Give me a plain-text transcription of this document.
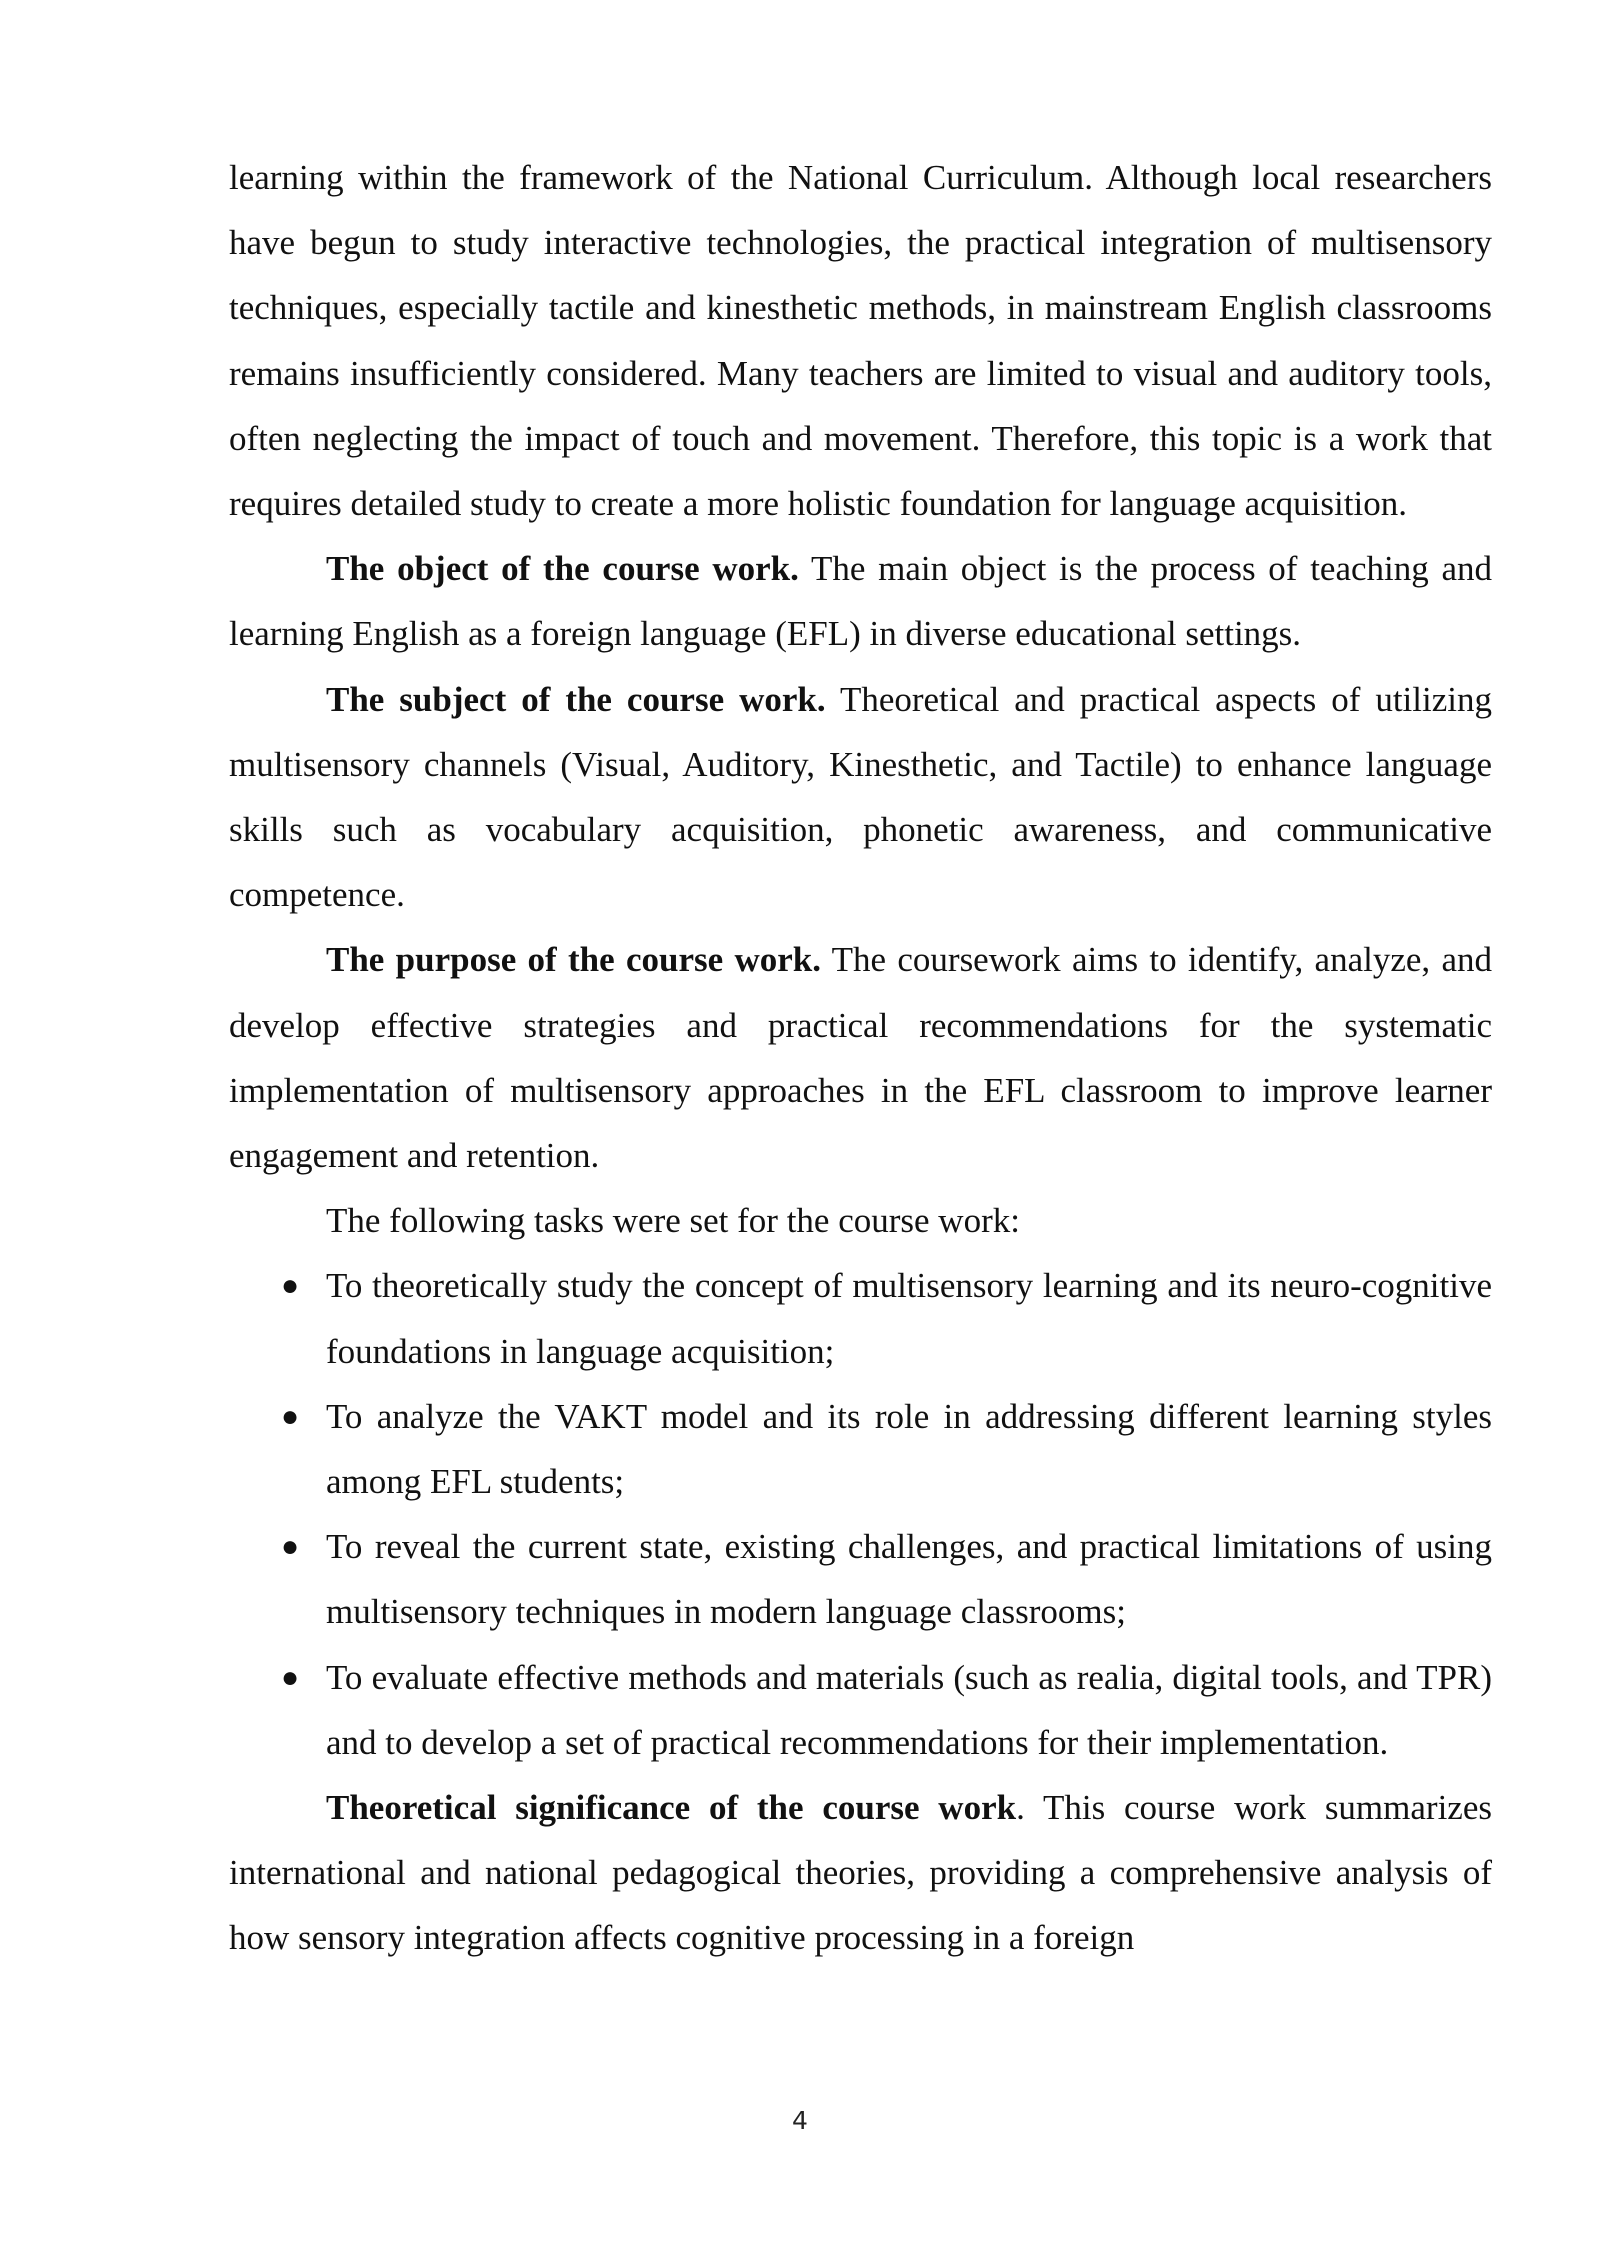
learning within the framework of the National Curriculum. Although local researchers have begun to study interactive technologies, the practical integration of multisensory techniques, especially tactile and kinesthetic methods, in mainstream English classrooms remains insufficiently considered. Many teachers are limited to visual and auditory tools, often neglecting the impact of touch and movement. Therefore, this topic is a work that requires detailed study to create a more holistic foundation for language acquisition.

The object of the course work. The main object is the process of teaching and learning English as a foreign language (EFL) in diverse educational settings.

The subject of the course work. Theoretical and practical aspects of utilizing multisensory channels (Visual, Auditory, Kinesthetic, and Tactile) to enhance language skills such as vocabulary acquisition, phonetic awareness, and communicative competence.

The purpose of the course work. The coursework aims to identify, analyze, and develop effective strategies and practical recommendations for the systematic implementation of multisensory approaches in the EFL classroom to improve learner engagement and retention.

The following tasks were set for the course work:

● To theoretically study the concept of multisensory learning and its neuro-cognitive foundations in language acquisition;
● To analyze the VAKT model and its role in addressing different learning styles among EFL students;
● To reveal the current state, existing challenges, and practical limitations of using multisensory techniques in modern language classrooms;
● To evaluate effective methods and materials (such as realia, digital tools, and TPR) and to develop a set of practical recommendations for their implementation.

Theoretical significance of the course work. This course work summarizes international and national pedagogical theories, providing a comprehensive analysis of how sensory integration affects cognitive processing in a foreign

4
